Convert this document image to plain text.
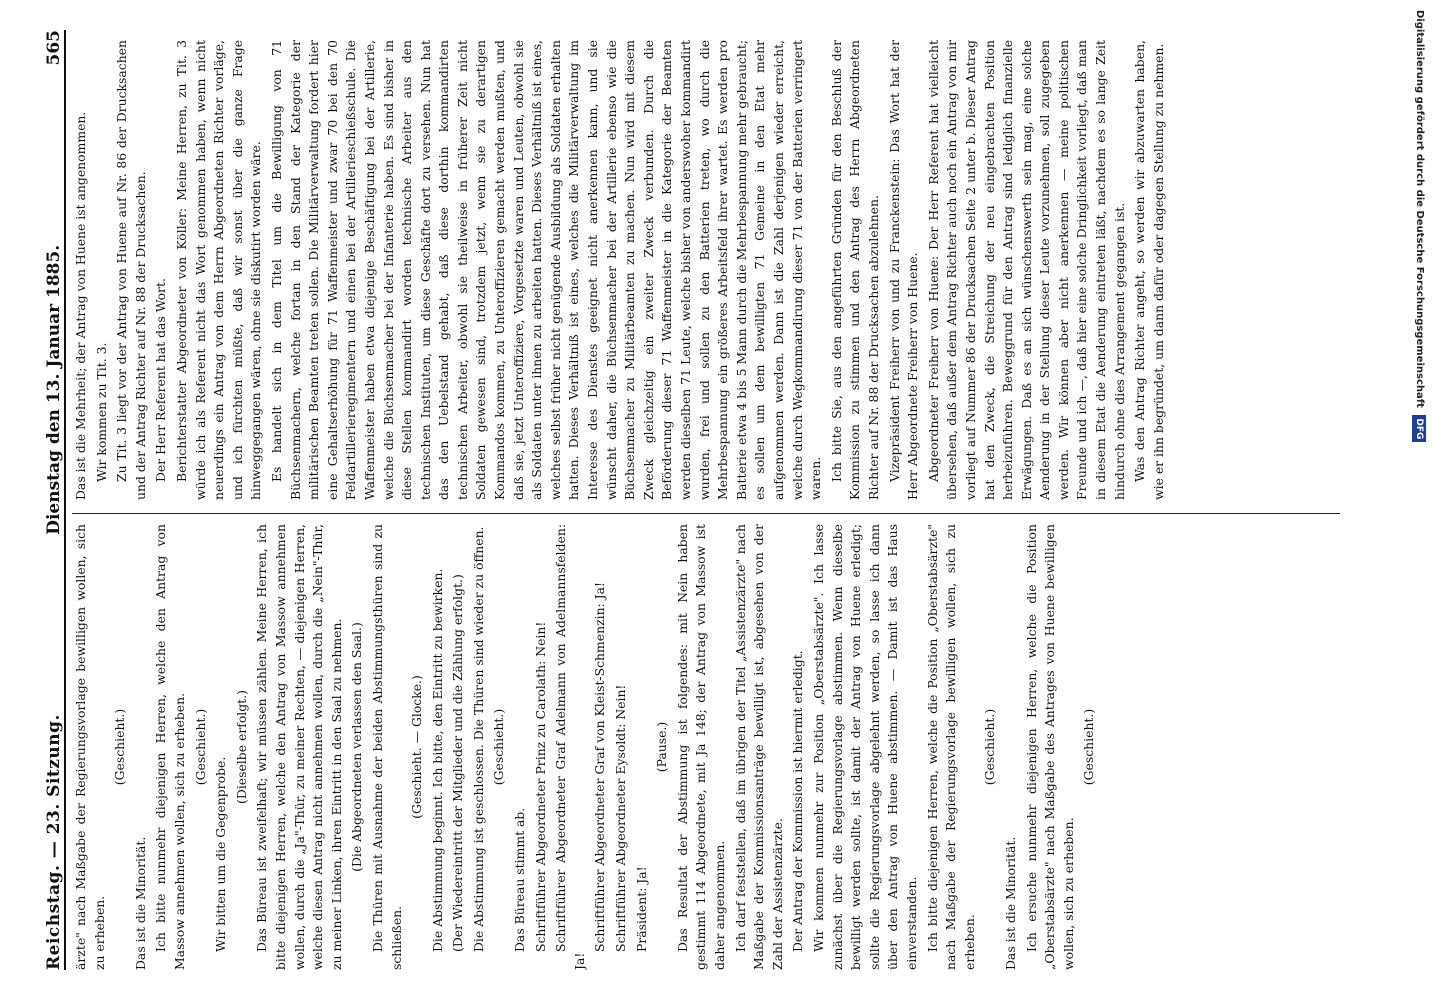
Reichstag. — 23. Sitzung.
Dienstag den 13. Januar 1885.
565

ärzte" nach Maßgabe der Regierungsvorlage bewilligen wollen, sich zu erheben.

(Geschieht.)

Das ist die Minorität. Ich bitte nunmehr diejenigen Herren, welche den Antrag von Massow annehmen wollen, sich zu erheben. (Geschieht.)

Wir bitten um die Gegenprobe.

(Dieselbe erfolgt.) Das Büreau ist zweifelhaft; wir müssen zählen. Meine Herren, ich bitte diejenigen Herren, welche den Antrag von Massow annehmen wollen, durch die „Ja"-Thür, zu meiner Rechten, — diejenigen Herren, welche diesen Antrag nicht annehmen wollen, durch die „Nein"-Thür, zu meiner Linken, ihren Eintritt in den Saal zu nehmen. (Die Abgeordneten verlassen den Saal.) Die Thüren mit Ausnahme der beiden Abstimmungsthüren sind zu schließen.

(Geschieht. — Glocke.) Die Abstimmung beginnt. Ich bitte, den Eintritt zu bewirken. (Der Wiedereintritt der Mitglieder und die Zählung erfolgt.) Die Abstimmung ist geschlossen. Die Thüren sind wieder zu öffnen. (Geschieht.)

Das Büreau stimmt ab. Schriftführer Abgeordneter Prinz zu Carolath: Nein! Schriftführer Abgeordneter Graf Adelmann von Adelmannsfelden: Ja!

Schriftführer Abgeordneter Graf von Kleist-Schmenzin: Ja! Schriftführer Abgeordneter Eysoldt: Nein! Präsident: Ja!

(Pause.) Das Resultat der Abstimmung ist folgendes: mit Nein haben gestimmt 114 Abgeordnete, mit Ja 148; der Antrag von Massow ist daher angenommen. Ich darf feststellen, daß im übrigen der Titel „Assistenzärzte" nach Maßgabe der Kommissionsanträge bewilligt ist, abgesehen von der Zahl der Assistenzärzte. Der Antrag der Kommission ist hiermit erledigt. Wir kommen nunmehr zur Position „Oberstabsärzte". Ich lasse zunächst über die Regierungsvorlage abstimmen. Wenn dieselbe bewilligt werden sollte, ist damit der Antrag von Huene erledigt; sollte die Regierungsvorlage abgelehnt werden, so lasse ich dann über den Antrag von Huene abstimmen. — Damit ist das Haus einverstanden. Ich bitte diejenigen Herren, welche die Position „Oberstabsärzte" nach Maßgabe der Regierungsvorlage bewilligen wollen, sich zu erheben.

(Geschieht.)

Das ist die Minorität. Ich ersuche nunmehr diejenigen Herren, welche die Position „Oberstabsärzte" nach Maßgabe des Antrages von Huene bewilligen wollen, sich zu erheben.

(Geschieht.)

Das ist die Mehrheit; der Antrag von Huene ist angenommen. Wir kommen zu Tit. 3. Zu Tit. 3 liegt vor der Antrag von Huene auf Nr. 86 der Drucksachen und der Antrag Richter auf Nr. 88 der Drucksachen. Der Herr Referent hat das Wort. Berichterstatter Abgeordneter von Köller: Meine Herren, zu Tit. 3 würde ich als Referent nicht das Wort genommen haben, wenn nicht neuerdings ein Antrag von dem Herrn Abgeordneten Richter vorläge, und ich fürchten müßte, daß wir sonst über die ganze Frage hinweggegangen wären, ohne sie diskutirt worden wäre. Es handelt sich in dem Titel um die Bewilligung von 71 Büchsenmachern, welche fortan in den Stand der Kategorie der militärischen Beamten treten sollen. Die Militärverwaltung fordert hier eine Gehaltserhöhung für 71 Waffenmeister und zwar 70 bei den 70 Feldartillerieregimentern und einen bei der Artillerieschießschule. Die Waffenmeister haben etwa diejenige Beschäftigung bei der Artillerie, welche die Büchsenmacher bei der Infanterie haben. Es sind bisher in diese Stellen kommandirt worden technische Arbeiter aus den technischen Instituten, um diese Geschäfte dort zu versehen. Nun hat das den Uebelstand gehabt, daß diese dorthin kommandirten technischen Arbeiter, obwohl sie theilweise in früherer Zeit nicht Soldaten gewesen sind, trotzdem jetzt, wenn sie zu derartigen Kommandos kommen, zu Unteroffizieren gemacht werden mußten, und daß sie, jetzt Unteroffiziere, Vorgesetzte waren und Leuten, obwohl sie als Soldaten unter ihnen zu arbeiten hatten. Dieses Verhältniß ist eines, welches selbst früher nicht genügende Ausbildung als Soldaten erhalten hatten. Dieses Verhältniß ist eines, welches die Militärverwaltung im Interesse des Dienstes geeignet nicht anerkennen kann, und sie wünscht daher, die Büchsenmacher bei der Artillerie ebenso wie die Büchsenmacher zu Militärbeamten zu machen. Nun wird mit diesem Zweck gleichzeitig ein zweiter Zweck verbunden. Durch die Beförderung dieser 71 Waffenmeister in die Kategorie der Beamten werden dieselben 71 Leute, welche bisher von anderswoher kommandirt wurden, frei und sollen zu den Batterien treten, wo durch die Mehrbespannung ein größeres Arbeitsfeld ihrer wartet. Es werden pro Batterie etwa 4 bis 5 Mann durch die Mehrbespannung mehr gebraucht; es sollen um dem bewilligten 71 Gemeine in den Etat mehr aufgenommen werden. Dann ist die Zahl derjenigen wieder erreicht, welche durch Wegkommandirung dieser 71 von der Batterien verringert waren. Ich bitte Sie, aus den angeführten Gründen für den Beschluß der Kommission zu stimmen und den Antrag des Herrn Abgeordneten Richter auf Nr. 88 der Drucksachen abzulehnen. Vizepräsident Freiherr von und zu Franckenstein: Das Wort hat der Herr Abgeordnete Freiherr von Huene. Abgeordneter Freiherr von Huene: Der Herr Referent hat vielleicht übersehen, daß außer dem Antrag Richter auch noch ein Antrag von mir vorliegt auf Nummer 86 der Drucksachen Seite 2 unter b. Dieser Antrag hat den Zweck, die Streichung der neu eingebrachten Position herbeizuführen. Beweggrund für den Antrag sind lediglich finanzielle Erwägungen. Daß es an sich wünschenswerth sein mag, eine solche Aenderung in der Stellung dieser Leute vorzunehmen, soll zugegeben werden. Wir können aber nicht anerkennen — meine politischen Freunde und ich —, daß hier eine solche Dringlichkeit vorliegt, daß man in diesem Etat die Aenderung eintreten läßt, nachdem es so lange Zeit hindurch ohne dies Arrangement gegangen ist. Was den Antrag Richter angeht, so werden wir abzuwarten haben, wie er ihn begründet, um dann dafür oder dagegen Stellung zu nehmen.	Digitalisierung gefördert durch die Deutsche Forschungsgemeinschaft DFG
